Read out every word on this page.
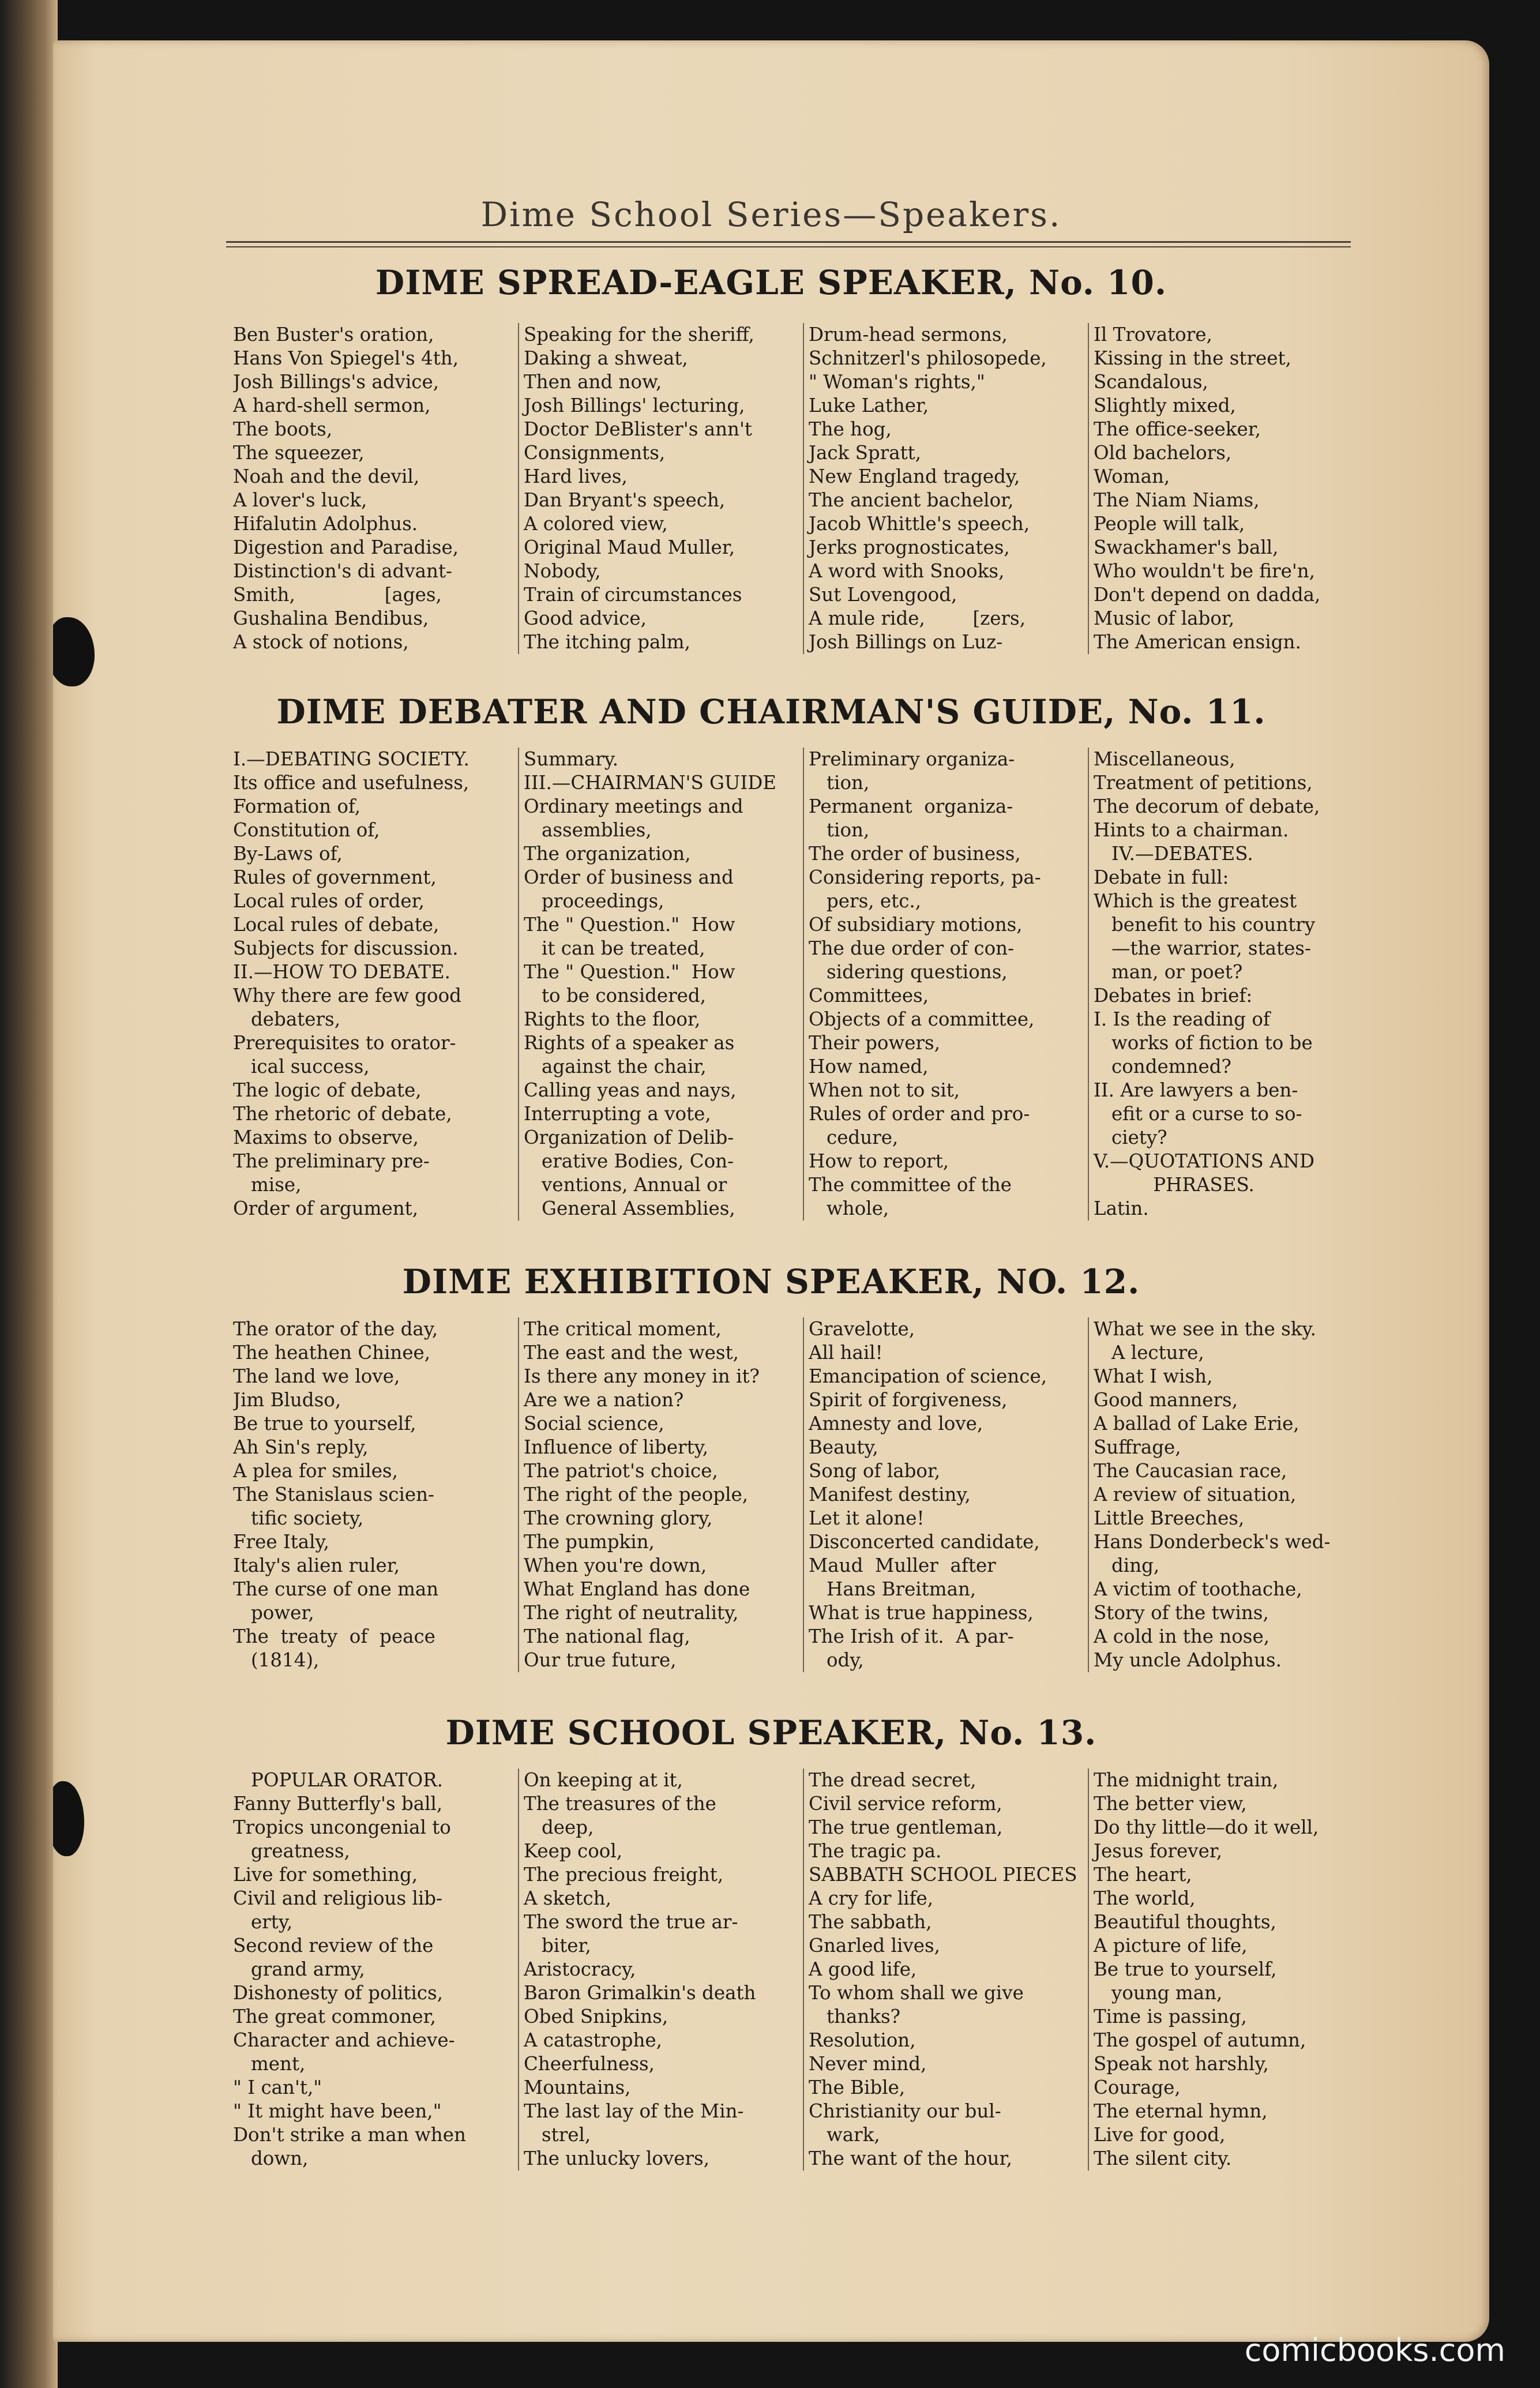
Dime School Series—Speakers.
DIME SPREAD-EAGLE SPEAKER, No. 10.
Ben Buster's oration,
Hans Von Spiegel's 4th,
Josh Billings's advice,
A hard-shell sermon,
The boots,
The squeezer,
Noah and the devil,
A lover's luck,
Hifalutin Adolphus.
Digestion and Paradise,
Distinction's di advant-
Smith,               [ages,
Gushalina Bendibus,
A stock of notions,
Speaking for the sheriff,
Daking a shweat,
Then and now,
Josh Billings' lecturing,
Doctor DeBlister's ann't
Consignments,
Hard lives,
Dan Bryant's speech,
A colored view,
Original Maud Muller,
Nobody,
Train of circumstances
Good advice,
The itching palm,
Drum-head sermons,
Schnitzerl's philosopede,
" Woman's rights,"
Luke Lather,
The hog,
Jack Spratt,
New England tragedy,
The ancient bachelor,
Jacob Whittle's speech,
Jerks prognosticates,
A word with Snooks,
Sut Lovengood,
A mule ride,        [zers,
Josh Billings on Luz-
Il Trovatore,
Kissing in the street,
Scandalous,
Slightly mixed,
The office-seeker,
Old bachelors,
Woman,
The Niam Niams,
People will talk,
Swackhamer's ball,
Who wouldn't be fire'n,
Don't depend on dadda,
Music of labor,
The American ensign.
DIME DEBATER AND CHAIRMAN'S GUIDE, No. 11.
I.—DEBATING SOCIETY.
Its office and usefulness,
Formation of,
Constitution of,
By-Laws of,
Rules of government,
Local rules of order,
Local rules of debate,
Subjects for discussion.
II.—HOW TO DEBATE.
Why there are few good
debaters,
Prerequisites to orator-
ical success,
The logic of debate,
The rhetoric of debate,
Maxims to observe,
The preliminary pre-
mise,
Order of argument,
Summary.
III.—CHAIRMAN'S GUIDE
Ordinary meetings and
assemblies,
The organization,
Order of business and
proceedings,
The " Question."  How
it can be treated,
The " Question."  How
to be considered,
Rights to the floor,
Rights of a speaker as
against the chair,
Calling yeas and nays,
Interrupting a vote,
Organization of Delib-
erative Bodies, Con-
ventions, Annual or
General Assemblies,
Preliminary organiza-
tion,
Permanent  organiza-
tion,
The order of business,
Considering reports, pa-
pers, etc.,
Of subsidiary motions,
The due order of con-
sidering questions,
Committees,
Objects of a committee,
Their powers,
How named,
When not to sit,
Rules of order and pro-
cedure,
How to report,
The committee of the
whole,
Miscellaneous,
Treatment of petitions,
The decorum of debate,
Hints to a chairman.
IV.—DEBATES.
Debate in full:
Which is the greatest
benefit to his country
—the warrior, states-
man, or poet?
Debates in brief:
I. Is the reading of
works of fiction to be
condemned?
II. Are lawyers a ben-
efit or a curse to so-
ciety?
V.—QUOTATIONS AND
PHRASES.
Latin.
DIME EXHIBITION SPEAKER, NO. 12.
The orator of the day,
The heathen Chinee,
The land we love,
Jim Bludso,
Be true to yourself,
Ah Sin's reply,
A plea for smiles,
The Stanislaus scien-
tific society,
Free Italy,
Italy's alien ruler,
The curse of one man
power,
The  treaty  of  peace
(1814),
The critical moment,
The east and the west,
Is there any money in it?
Are we a nation?
Social science,
Influence of liberty,
The patriot's choice,
The right of the people,
The crowning glory,
The pumpkin,
When you're down,
What England has done
The right of neutrality,
The national flag,
Our true future,
Gravelotte,
All hail!
Emancipation of science,
Spirit of forgiveness,
Amnesty and love,
Beauty,
Song of labor,
Manifest destiny,
Let it alone!
Disconcerted candidate,
Maud  Muller  after
Hans Breitman,
What is true happiness,
The Irish of it.  A par-
ody,
What we see in the sky.
A lecture,
What I wish,
Good manners,
A ballad of Lake Erie,
Suffrage,
The Caucasian race,
A review of situation,
Little Breeches,
Hans Donderbeck's wed-
ding,
A victim of toothache,
Story of the twins,
A cold in the nose,
My uncle Adolphus.
DIME SCHOOL SPEAKER, No. 13.
POPULAR ORATOR.
Fanny Butterfly's ball,
Tropics uncongenial to
greatness,
Live for something,
Civil and religious lib-
erty,
Second review of the
grand army,
Dishonesty of politics,
The great commoner,
Character and achieve-
ment,
" I can't,"
" It might have been,"
Don't strike a man when
down,
On keeping at it,
The treasures of the
deep,
Keep cool,
The precious freight,
A sketch,
The sword the true ar-
biter,
Aristocracy,
Baron Grimalkin's death
Obed Snipkins,
A catastrophe,
Cheerfulness,
Mountains,
The last lay of the Min-
strel,
The unlucky lovers,
The dread secret,
Civil service reform,
The true gentleman,
The tragic pa.
SABBATH SCHOOL PIECES
A cry for life,
The sabbath,
Gnarled lives,
A good life,
To whom shall we give
thanks?
Resolution,
Never mind,
The Bible,
Christianity our bul-
wark,
The want of the hour,
The midnight train,
The better view,
Do thy little—do it well,
Jesus forever,
The heart,
The world,
Beautiful thoughts,
A picture of life,
Be true to yourself,
young man,
Time is passing,
The gospel of autumn,
Speak not harshly,
Courage,
The eternal hymn,
Live for good,
The silent city.
comicbooks.com
